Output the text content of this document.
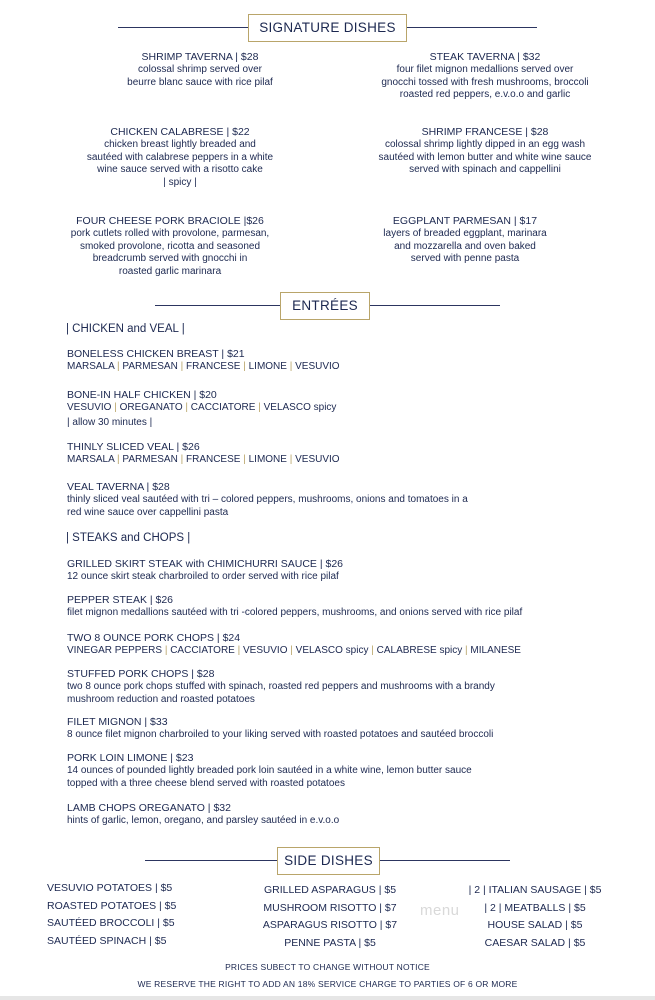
SIGNATURE DISHES
SHRIMP TAVERNA | $28
colossal shrimp served over
beurre blanc sauce with rice pilaf
STEAK TAVERNA | $32
four filet mignon medallions served over
gnocchi tossed with fresh mushrooms, broccoli
roasted red peppers, e.v.o.o and garlic
CHICKEN CALABRESE | $22
chicken breast lightly breaded and
sautéed with calabrese peppers in a white
wine sauce served with a risotto cake
| spicy |
SHRIMP FRANCESE | $28
colossal shrimp lightly dipped in an egg wash
sautéed with lemon butter and white wine sauce
served with spinach and cappellini
FOUR CHEESE PORK BRACIOLE |$26
pork cutlets rolled with provolone, parmesan,
smoked provolone, ricotta and seasoned
breadcrumb served with gnocchi in
roasted garlic marinara
EGGPLANT PARMESAN | $17
layers of breaded eggplant, marinara
and mozzarella and oven baked
served with penne pasta
ENTRÉES
| CHICKEN and VEAL |
BONELESS CHICKEN BREAST | $21
MARSALA | PARMESAN | FRANCESE | LIMONE | VESUVIO
BONE-IN HALF CHICKEN | $20
VESUVIO | OREGANATO | CACCIATORE | VELASCO spicy
| allow 30 minutes |
THINLY SLICED VEAL | $26
MARSALA | PARMESAN | FRANCESE | LIMONE | VESUVIO
VEAL TAVERNA | $28
thinly sliced veal sautéed with tri – colored peppers, mushrooms, onions and tomatoes in a
red wine sauce over cappellini pasta
| STEAKS and CHOPS |
GRILLED SKIRT STEAK with CHIMICHURRI SAUCE | $26
12 ounce skirt steak charbroiled to order served with rice pilaf
PEPPER STEAK | $26
filet mignon medallions sautéed with tri -colored peppers, mushrooms, and onions served with rice pilaf
TWO 8 OUNCE PORK CHOPS | $24
VINEGAR PEPPERS | CACCIATORE | VESUVIO | VELASCO spicy | CALABRESE spicy | MILANESE
STUFFED PORK CHOPS | $28
two 8 ounce pork chops stuffed with spinach, roasted red peppers and mushrooms with a brandy
mushroom reduction and roasted potatoes
FILET MIGNON | $33
8 ounce filet mignon charbroiled to your liking served with roasted potatoes and sautéed broccoli
PORK LOIN LIMONE | $23
14 ounces of pounded lightly breaded pork loin sautéed in a white wine, lemon butter sauce
topped with a three cheese blend served with roasted potatoes
LAMB CHOPS OREGANATO | $32
hints of garlic, lemon, oregano, and parsley sautéed in e.v.o.o
SIDE DISHES
VESUVIO POTATOES | $5
ROASTED POTATOES | $5
SAUTÉED BROCCOLI | $5
SAUTÉED SPINACH | $5
GRILLED ASPARAGUS | $5
MUSHROOM RISOTTO | $7
ASPARAGUS RISOTTO | $7
PENNE PASTA | $5
| 2 | ITALIAN SAUSAGE | $5
| 2 | MEATBALLS | $5
HOUSE SALAD | $5
CAESAR SALAD | $5
menu
PRICES SUBECT TO CHANGE WITHOUT NOTICE
WE RESERVE THE RIGHT TO ADD AN 18% SERVICE CHARGE TO PARTIES OF 6 OR MORE
